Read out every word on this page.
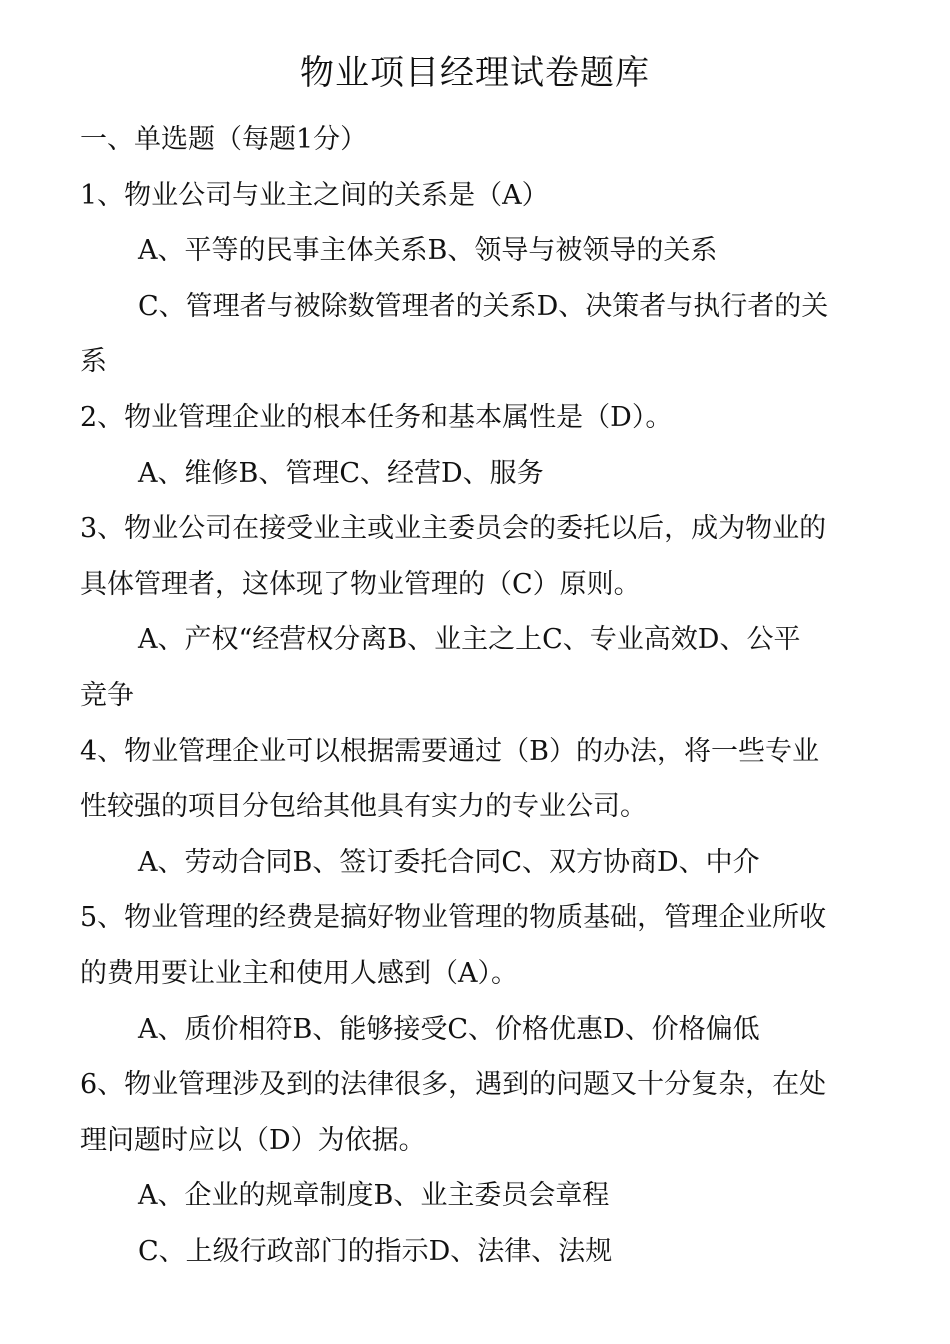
物业项目经理试卷题库
一、单选题（每题1分）
1、物业公司与业主之间的关系是（A）
A、平等的民事主体关系B、领导与被领导的关系
C、管理者与被除数管理者的关系D、决策者与执行者的关
系
2、物业管理企业的根本任务和基本属性是（D）。
A、维修B、管理C、经营D、服务
3、物业公司在接受业主或业主委员会的委托以后，成为物业的
具体管理者，这体现了物业管理的（C）原则。
A、产权“经营权分离B、业主之上C、专业高效D、公平
竞争
4、物业管理企业可以根据需要通过（B）的办法，将一些专业
性较强的项目分包给其他具有实力的专业公司。
A、劳动合同B、签订委托合同C、双方协商D、中介
5、物业管理的经费是搞好物业管理的物质基础，管理企业所收
的费用要让业主和使用人感到（A）。
A、质价相符B、能够接受C、价格优惠D、价格偏低
6、物业管理涉及到的法律很多，遇到的问题又十分复杂，在处
理问题时应以（D）为依据。
A、企业的规章制度B、业主委员会章程
C、上级行政部门的指示D、法律、法规
